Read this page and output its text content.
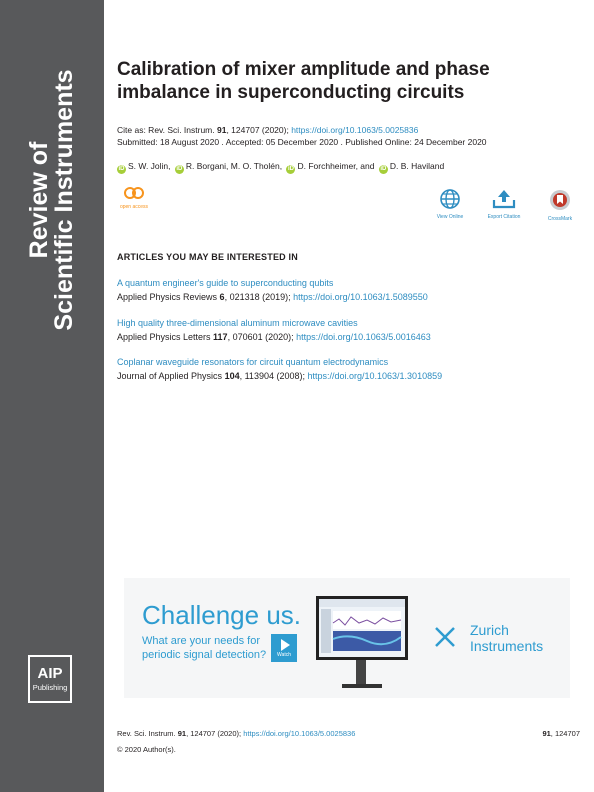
Review of
Scientific Instruments
AIP
Publishing
Calibration of mixer amplitude and phase imbalance in superconducting circuits
Cite as: Rev. Sci. Instrum. 91, 124707 (2020); https://doi.org/10.1063/5.0025836
Submitted: 18 August 2020 . Accepted: 05 December 2020 . Published Online: 24 December 2020
iD S. W. Jolin, iD R. Borgani, M. O. Tholén, iD D. Forchheimer, and iD D. B. Haviland
open access
View Online	Export Citation	CrossMark
ARTICLES YOU MAY BE INTERESTED IN
A quantum engineer's guide to superconducting qubits
Applied Physics Reviews 6, 021318 (2019); https://doi.org/10.1063/1.5089550
High quality three-dimensional aluminum microwave cavities
Applied Physics Letters 117, 070601 (2020); https://doi.org/10.1063/5.0016463
Coplanar waveguide resonators for circuit quantum electrodynamics
Journal of Applied Physics 104, 113904 (2008); https://doi.org/10.1063/1.3010859
Challenge us.
What are your needs for periodic signal detection?	Watch
Zurich
Instruments
Rev. Sci. Instrum. 91, 124707 (2020); https://doi.org/10.1063/5.0025836	91, 124707
© 2020 Author(s).
